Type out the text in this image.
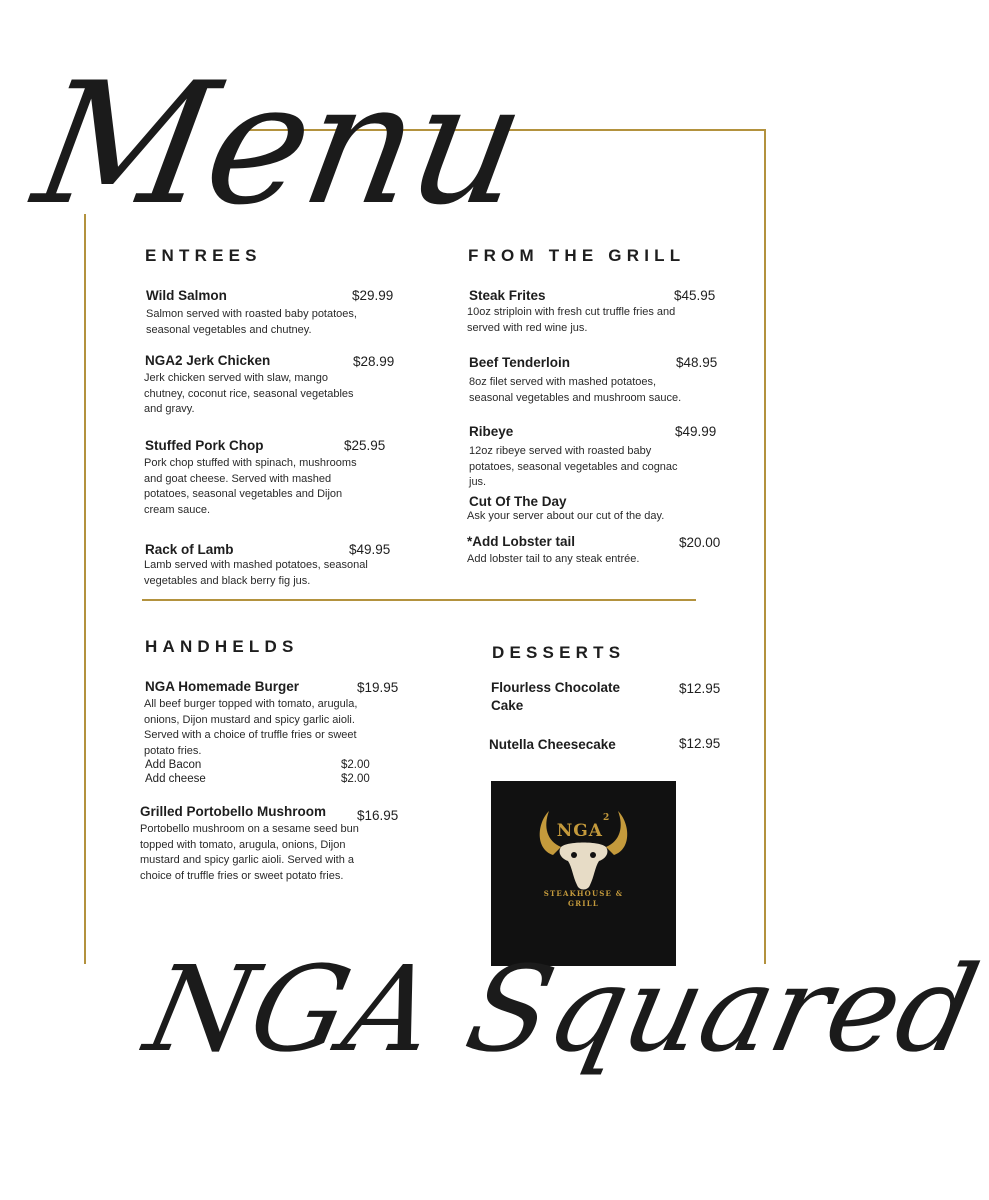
Menu
ENTREES
Wild Salmon	$29.99
Salmon served with roasted baby potatoes, seasonal vegetables and chutney.
NGA2 Jerk Chicken	$28.99
Jerk chicken served with slaw, mango chutney, coconut rice, seasonal vegetables and gravy.
Stuffed Pork Chop	$25.95
Pork chop stuffed with spinach, mushrooms and goat cheese. Served with mashed potatoes, seasonal vegetables and Dijon cream sauce.
Rack of Lamb	$49.95
Lamb served with mashed potatoes, seasonal vegetables and black berry fig jus.
FROM THE GRILL
Steak Frites	$45.95
10oz striploin with fresh cut truffle fries and served with red wine jus.
Beef Tenderloin	$48.95
8oz filet served with mashed potatoes, seasonal vegetables and mushroom sauce.
Ribeye	$49.99
12oz ribeye served with roasted baby potatoes, seasonal vegetables and cognac jus.
Cut Of The Day
Ask your server about our cut of the day.
*Add Lobster tail	$20.00
Add lobster tail to any steak entrée.
HANDHELDS
NGA Homemade Burger	$19.95
All beef burger topped with tomato, arugula, onions, Dijon mustard and spicy garlic aioli. Served with a choice of truffle fries or sweet potato fries.
Add Bacon	$2.00
Add cheese	$2.00
Grilled Portobello Mushroom $16.95
Portobello mushroom on a sesame seed bun topped with tomato, arugula, onions, Dijon mustard and spicy garlic aioli. Served with a choice of truffle fries or sweet potato fries.
DESSERTS
Flourless Chocolate Cake
$12.95
Nutella Cheesecake	$12.95
NGA$^2$
STEAKHOUSE &
GRILL
NGA Squared
